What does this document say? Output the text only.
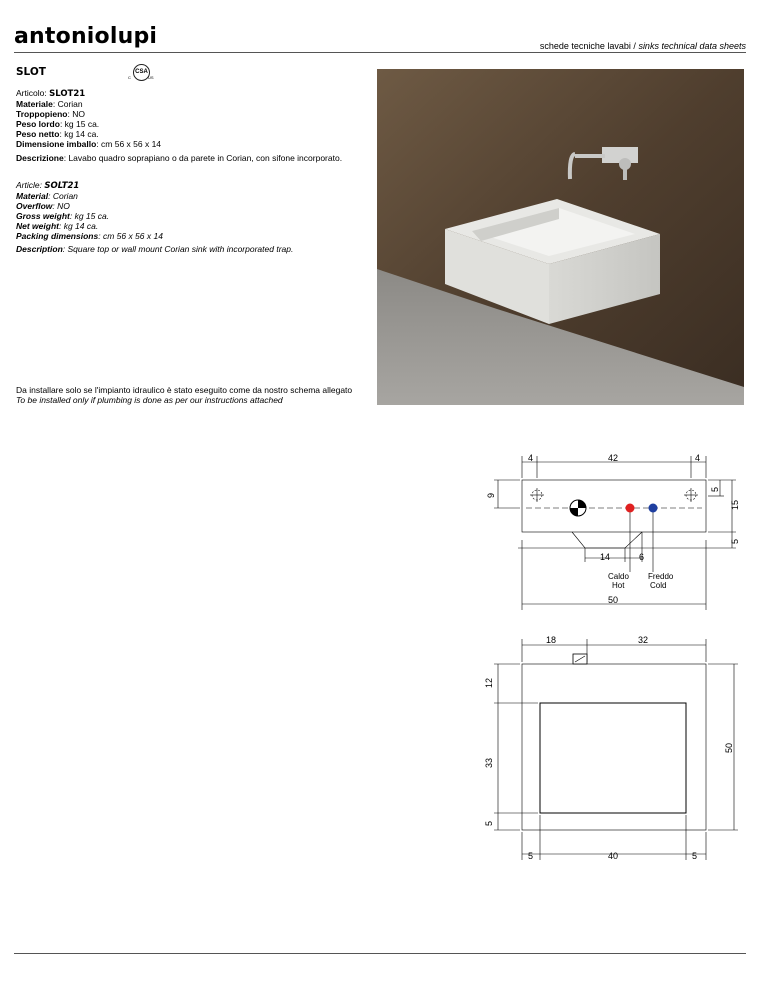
antoniolupi	schede tecniche lavabi / sinks technical data sheets
SLOT	CSA
C	US
Articolo: SLOT21
Materiale: Corian
Troppopieno: NO
Peso lordo: kg 15 ca.
Peso netto: kg 14 ca.
Dimensione imballo: cm 56 x 56 x 14
Descrizione: Lavabo quadro soprapiano o da parete in Corian, con sifone incorporato.
Article: SOLT21
Material: Corian
Overflow: NO
Gross weight: kg 15 ca.
Net weight: kg 14 ca.
Packing dimensions: cm 56 x 56 x 14
Description: Square top or wall mount Corian sink with incorporated trap.
Da installare solo se l'impianto idraulico è stato eseguito come da nostro schema allegato
To be installed only if plumbing is done as per our instructions attached
4	42	4
9
5
15
5
14	6
Caldo
Hot
Freddo
Cold
50
18	32
12
33
5
50
5	40	5
